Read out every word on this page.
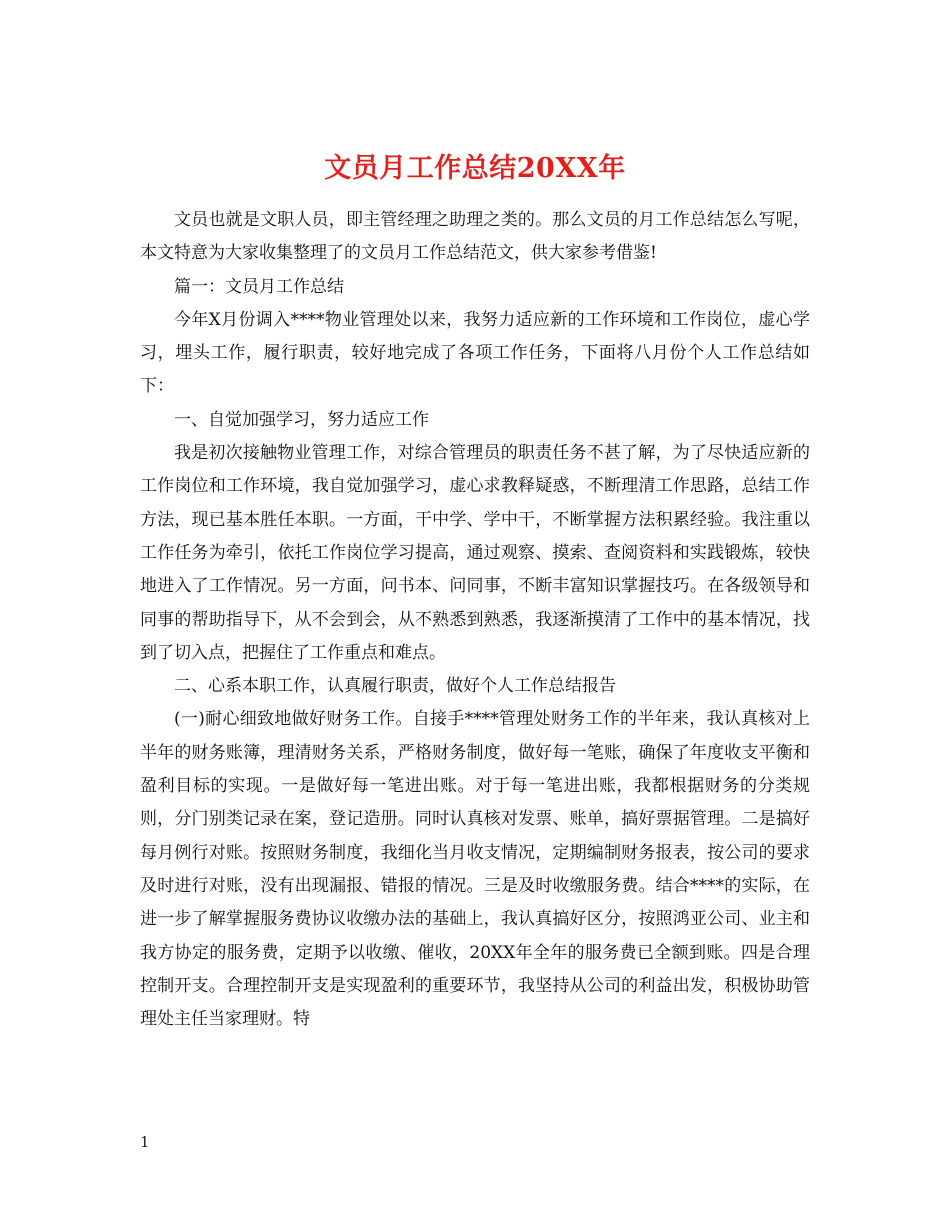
文员月工作总结20XX年

文员也就是文职人员，即主管经理之助理之类的。那么文员的月工作总结怎么写呢，本文特意为大家收集整理了的文员月工作总结范文，供大家参考借鉴!

篇一：文员月工作总结

今年X月份调入****物业管理处以来，我努力适应新的工作环境和工作岗位，虚心学习，埋头工作，履行职责，较好地完成了各项工作任务，下面将八月份个人工作总结如下：

一、自觉加强学习，努力适应工作

我是初次接触物业管理工作，对综合管理员的职责任务不甚了解，为了尽快适应新的工作岗位和工作环境，我自觉加强学习，虚心求教释疑惑，不断理清工作思路，总结工作方法，现已基本胜任本职。一方面，干中学、学中干，不断掌握方法积累经验。我注重以工作任务为牵引，依托工作岗位学习提高，通过观察、摸索、查阅资料和实践锻炼，较快地进入了工作情况。另一方面，问书本、问同事，不断丰富知识掌握技巧。在各级领导和同事的帮助指导下，从不会到会，从不熟悉到熟悉，我逐渐摸清了工作中的基本情况，找到了切入点，把握住了工作重点和难点。

二、心系本职工作，认真履行职责，做好个人工作总结报告

(一)耐心细致地做好财务工作。自接手****管理处财务工作的半年来，我认真核对上半年的财务账簿，理清财务关系，严格财务制度，做好每一笔账，确保了年度收支平衡和盈利目标的实现。一是做好每一笔进出账。对于每一笔进出账，我都根据财务的分类规则，分门别类记录在案，登记造册。同时认真核对发票、账单，搞好票据管理。二是搞好每月例行对账。按照财务制度，我细化当月收支情况，定期编制财务报表，按公司的要求及时进行对账，没有出现漏报、错报的情况。三是及时收缴服务费。结合****的实际，在进一步了解掌握服务费协议收缴办法的基础上，我认真搞好区分，按照鸿亚公司、业主和我方协定的服务费，定期予以收缴、催收，20XX年全年的服务费已全额到账。四是合理控制开支。合理控制开支是实现盈利的重要环节，我坚持从公司的利益出发，积极协助管理处主任当家理财。特

1
